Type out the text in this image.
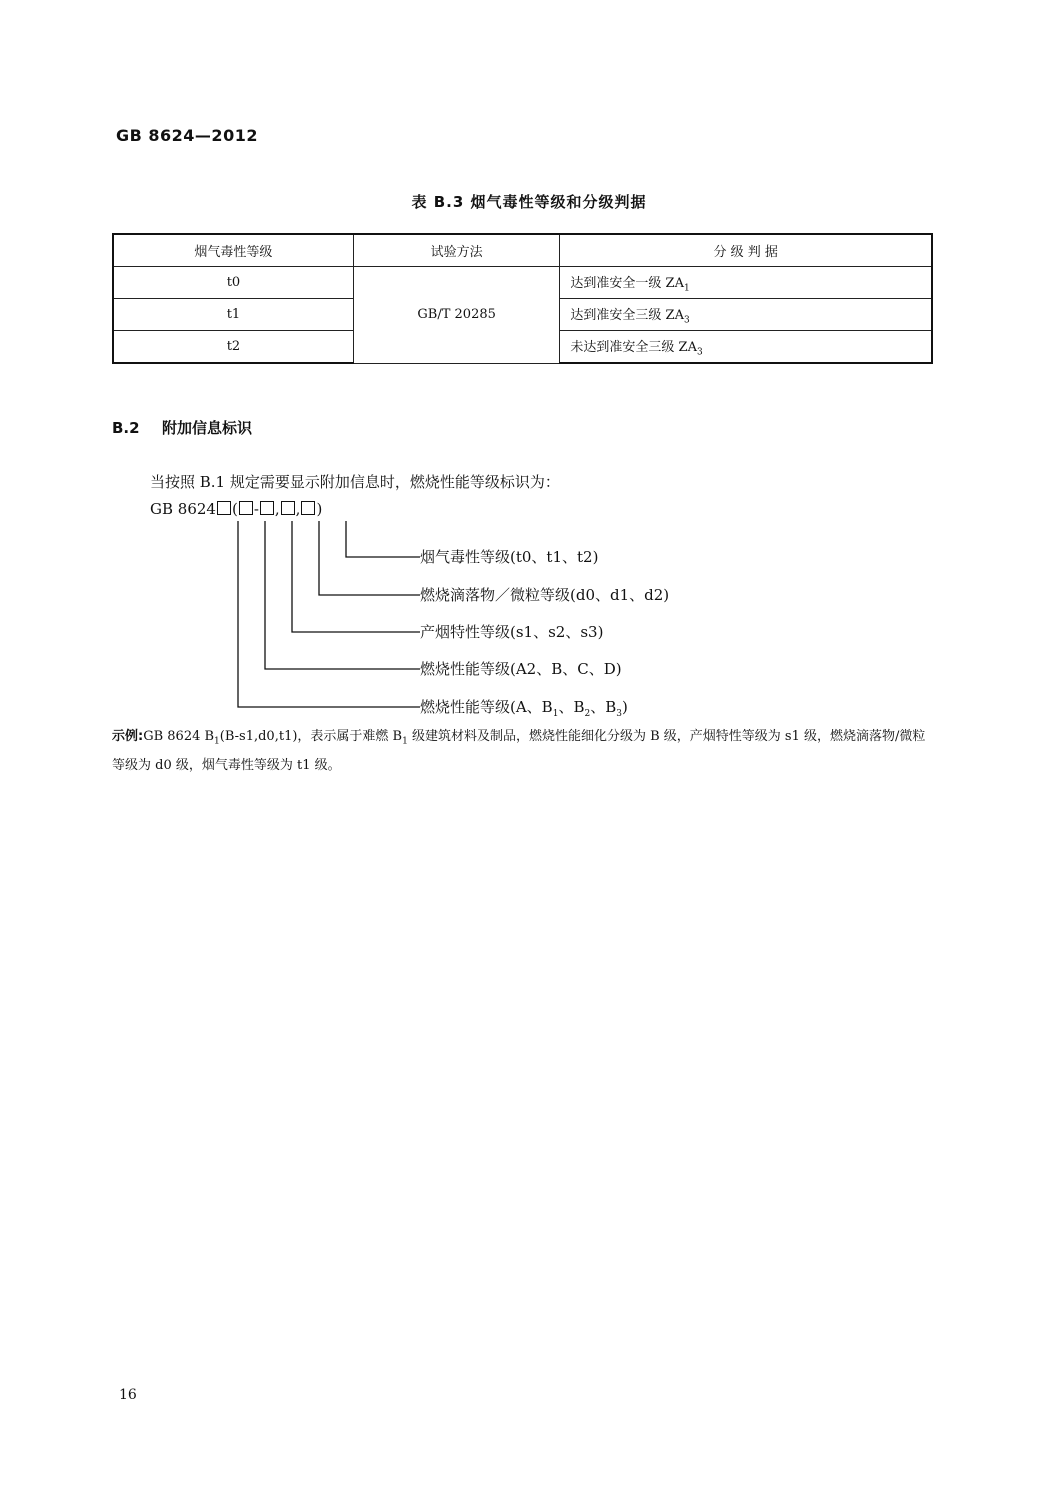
GB 8624—2012
表 B.3 烟气毒性等级和分级判据
烟气毒性等级	试验方法	分 级 判 据
t0	GB/T 20285	达到准安全一级 $ZA_1$
t1		达到准安全三级 $ZA_3$
t2		未达到准安全三级 $ZA_3$
B.2 附加信息标识
当按照 B.1 规定需要显示附加信息时，燃烧性能等级标识为：
GB 8624 ( - , , )
烟气毒性等级(t0、t1、t2)
燃烧滴落物／微粒等级(d0、d1、d2)
产烟特性等级(s1、s2、s3)
燃烧性能等级(A2、B、C、D)
燃烧性能等级(A、$B_1$、$B_2$、$B_3$)
示例:GB 8624 $B_1(B-s1,d0,t1)$，表示属于难燃 $B_1$ 级建筑材料及制品，燃烧性能细化分级为 B 级，产烟特性等级为 s1 级，燃烧滴落物/微粒等级为 d0 级，烟气毒性等级为 t1 级。
16
